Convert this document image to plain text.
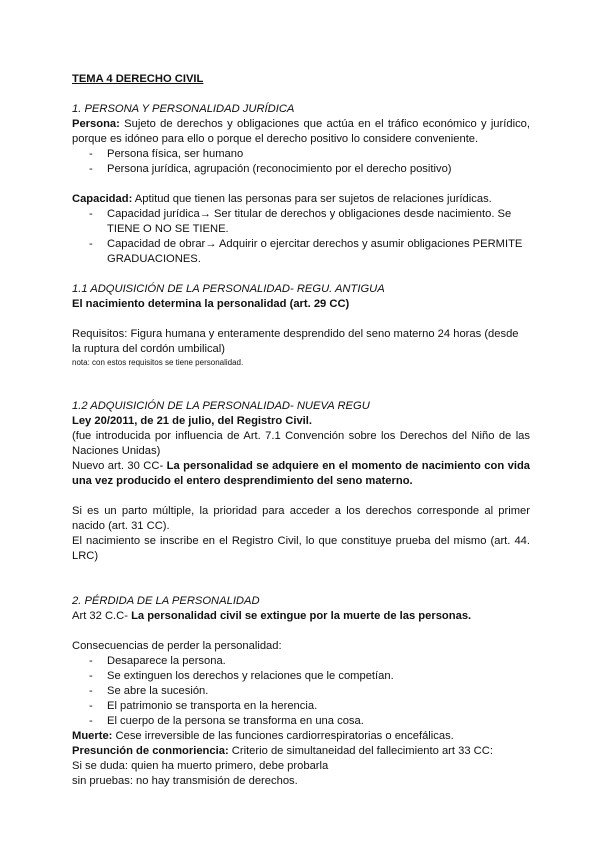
TEMA 4 DERECHO CIVIL

1. PERSONA Y PERSONALIDAD JURÍDICA

Persona: Sujeto de derechos y obligaciones que actúa en el tráfico económico y jurídico, porque es idóneo para ello o porque el derecho positivo lo considere conveniente.

- Persona física, ser humano
- Persona jurídica, agrupación (reconocimiento por el derecho positivo)

Capacidad: Aptitud que tienen las personas para ser sujetos de relaciones jurídicas.

- Capacidad jurídica→ Ser titular de derechos y obligaciones desde nacimiento. Se TIENE O NO SE TIENE.
- Capacidad de obrar→ Adquirir o ejercitar derechos y asumir obligaciones PERMITE GRADUACIONES.

1.1 ADQUISICIÓN DE LA PERSONALIDAD- REGU. ANTIGUA

El nacimiento determina la personalidad (art. 29 CC)

Requisitos: Figura humana y enteramente desprendido del seno materno 24 horas (desde la ruptura del cordón umbilical)

nota: con estos requisitos se tiene personalidad.

1.2 ADQUISICIÓN DE LA PERSONALIDAD- NUEVA REGU

Ley 20/2011, de 21 de julio, del Registro Civil.

(fue introducida por influencia de Art. 7.1 Convención sobre los Derechos del Niño de las Naciones Unidas)

Nuevo art. 30 CC- La personalidad se adquiere en el momento de nacimiento con vida una vez producido el entero desprendimiento del seno materno.

Si es un parto múltiple, la prioridad para acceder a los derechos corresponde al primer nacido (art. 31 CC).

El nacimiento se inscribe en el Registro Civil, lo que constituye prueba del mismo (art. 44. LRC)

2. PÉRDIDA DE LA PERSONALIDAD

Art 32 C.C- La personalidad civil se extingue por la muerte de las personas.

Consecuencias de perder la personalidad:

- Desaparece la persona.
- Se extinguen los derechos y relaciones que le competían.
- Se abre la sucesión.
- El patrimonio se transporta en la herencia.
- El cuerpo de la persona se transforma en una cosa.

Muerte: Cese irreversible de las funciones cardiorrespiratorias o encefálicas.

Presunción de conmoriencia: Criterio de simultaneidad del fallecimiento art 33 CC:

Si se duda: quien ha muerto primero, debe probarla

sin pruebas: no hay transmisión de derechos.
